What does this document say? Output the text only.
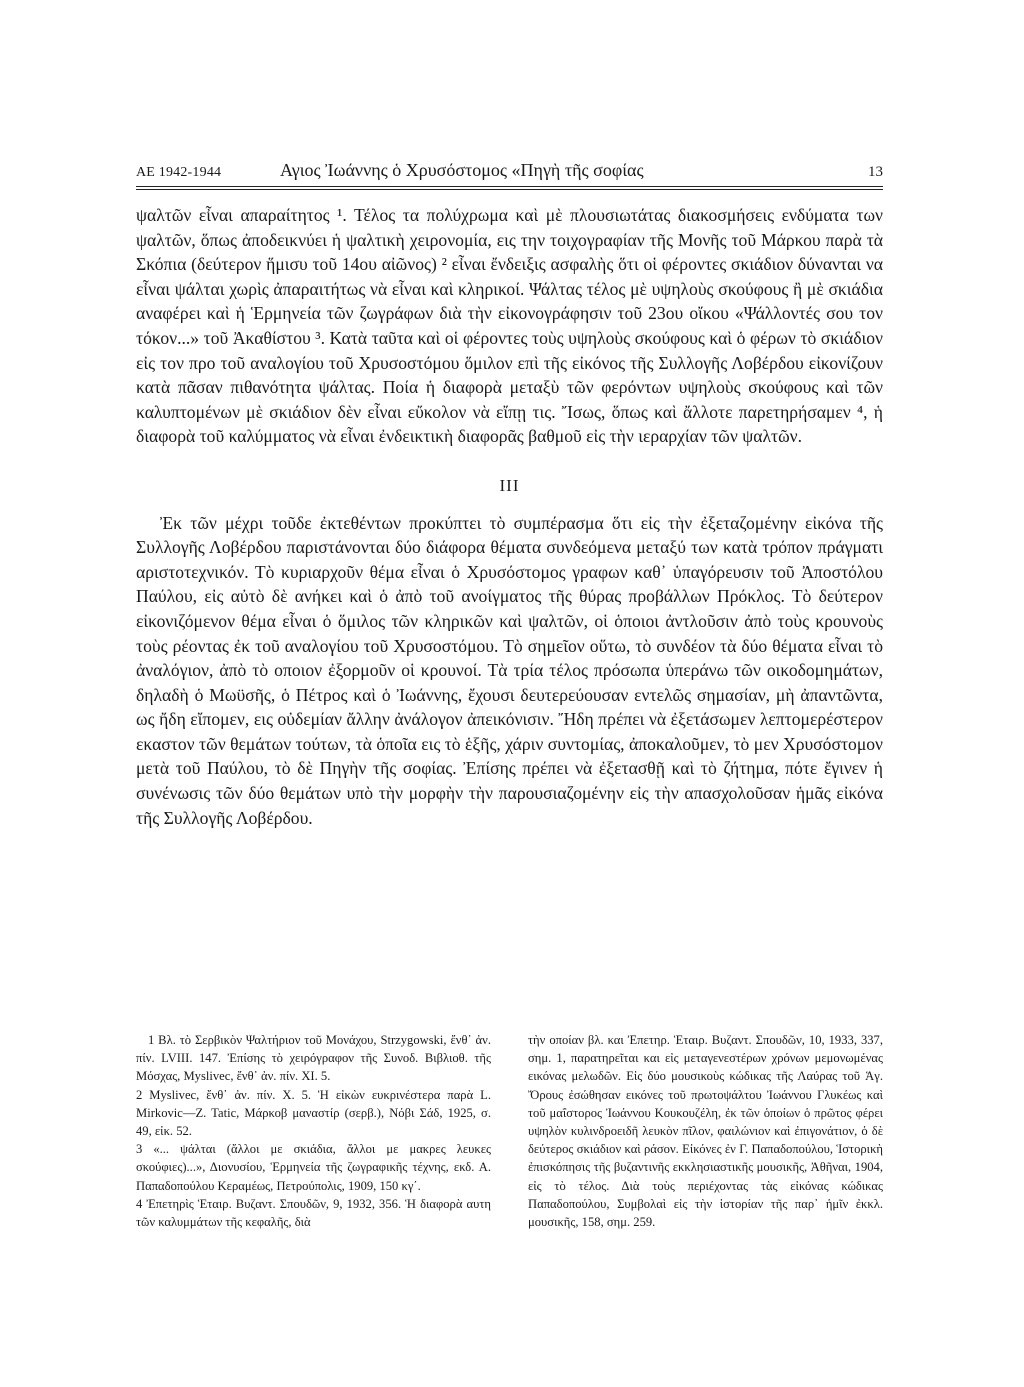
ΑΕ 1942-1944	Αγιος Ἰωάννης ὁ Χρυσόστομος «Πηγὴ τῆς σοφίας	13

ψαλτῶν εἶναι απαραίτητος ¹. Τέλος τα πολύχρωμα καὶ μὲ πλουσιωτάτας διακοσμήσεις ενδύματα των ψαλτῶν, ὅπως ἀποδεικνύει ἡ ψαλτικὴ χειρονομία, εις την τοιχογραφίαν τῆς Μονῆς τοῦ Μάρκου παρὰ τὰ Σκόπια (δεύτερον ἥμισυ τοῦ 14ου αἰῶνος) ² εἶναι ἔνδειξις ασφαλὴς ὅτι οἱ φέροντες σκιάδιον δύνανται να εἶναι ψάλται χωρὶς ἀπαραιτήτως νὰ εἶναι καὶ κληρικοί. Ψάλτας τέλος μὲ υψηλοὺς σκούφους ἢ μὲ σκιάδια αναφέρει καὶ ἡ Ἑρμηνεία τῶν ζωγράφων διὰ τὴν εἰκονογράφησιν τοῦ 23ου οἴκου «Ψάλλοντές σου τον τόκον...» τοῦ Ἀκαθίστου ³. Κατὰ ταῦτα καὶ οἱ φέροντες τοὺς υψηλοὺς σκούφους καὶ ὁ φέρων τὸ σκιάδιον εἰς τον προ τοῦ αναλογίου τοῦ Χρυσοστόμου ὅμιλον επὶ τῆς εἰκόνος τῆς Συλλογῆς Λοβέρδου εἰκονίζουν κατὰ πᾶσαν πιθανότητα ψάλτας. Ποία ἡ διαφορὰ μεταξὺ τῶν φερόντων υψηλοὺς σκούφους καὶ τῶν καλυπτομένων μὲ σκιάδιον δὲν εἶναι εὔκολον νὰ εἴπῃ τις. Ἴσως, ὅπως καὶ ἄλλοτε παρετηρήσαμεν ⁴, ἡ διαφορὰ τοῦ καλύμματος νὰ εἶναι ἐνδεικτικὴ διαφορᾶς βαθμοῦ εἰς τὴν ιεραρχίαν τῶν ψαλτῶν.

III

Ἐκ τῶν μέχρι τοῦδε ἐκτεθέντων προκύπτει τὸ συμπέρασμα ὅτι εἰς τὴν ἐξεταζομένην εἰκόνα τῆς Συλλογῆς Λοβέρδου παριστάνονται δύο διάφορα θέματα συνδεόμενα μεταξύ των κατὰ τρόπον πράγματι αριστοτεχνικόν. Τὸ κυριαρχοῦν θέμα εἶναι ὁ Χρυσόστομος γραφων καθ᾽ ὑπαγόρευσιν τοῦ Ἀποστόλου Παύλου, εἰς αὐτὸ δὲ ανήκει καὶ ὁ ἀπὸ τοῦ ανοίγματος τῆς θύρας προβάλλων Πρόκλος. Τὸ δεύτερον εἰκονιζόμενον θέμα εἶναι ὁ ὅμιλος τῶν κληρικῶν καὶ ψαλτῶν, οἱ ὁποιοι ἀντλοῦσιν ἀπὸ τοὺς κρουνοὺς τοὺς ρέοντας ἐκ τοῦ αναλογίου τοῦ Χρυσοστόμου. Τὸ σημεῖον οὕτω, τὸ συνδέον τὰ δύο θέματα εἶναι τὸ ἀναλόγιον, ἀπὸ τὸ οποιον ἐξορμοῦν οἱ κρουνοί. Τὰ τρία τέλος πρόσωπα ὑπεράνω τῶν οικοδομημάτων, δηλαδὴ ὁ Μωϋσῆς, ὁ Πέτρος καὶ ὁ Ἰωάννης, ἔχουσι δευτερεύουσαν εντελῶς σημασίαν, μὴ ἀπαντῶντα, ως ἤδη εἴπομεν, εις οὐδεμίαν ἄλλην ἀνάλογον ἀπεικόνισιν. Ἤδη πρέπει νὰ ἐξετάσωμεν λεπτομερέστερον εκαστον τῶν θεμάτων τούτων, τὰ ὁποῖα εις τὸ ἑξῆς, χάριν συντομίας, ἀποκαλοῦμεν, τὸ μεν Χρυσόστομον μετὰ τοῦ Παύλου, τὸ δὲ Πηγὴν τῆς σοφίας. Ἐπίσης πρέπει νὰ ἐξετασθῇ καὶ τὸ ζήτημα, πότε ἔγινεν ἡ συνένωσις τῶν δύο θεμάτων υπὸ τὴν μορφὴν τὴν παρουσιαζομένην εἰς τὴν απασχολοῦσαν ἡμᾶς εἰκόνα τῆς Συλλογῆς Λοβέρδου.

1 Βλ. τὸ Σερβικὸν Ψαλτήριον τοῦ Μονάχου, Strzygowski, ἔνθ᾽ ἀν. πίν. LVIII. 147. Ἐπίσης τὸ χειρόγραφον τῆς Συνοδ. Βιβλιοθ. τῆς Μόσχας, Myslivec, ἔνθ᾽ ἀν. πίν. XI. 5.

2 Myslivec, ἔνθ᾽ ἀν. πίν. X. 5. Ἡ εἰκὼν ευκρινέστερα παρὰ L. Mirkovic—Z. Tatic, Μάρκοβ μαναστίρ (σερβ.), Νόβι Σάδ, 1925, σ. 49, εἰκ. 52.

3 «... ψάλται (ἄλλοι με σκιάδια, ἄλλοι με μακρες λευκες σκούφιες)...», Διονυσίου, Ἑρμηνεία τῆς ζωγραφικῆς τέχνης, εκδ. Α. Παπαδοπούλου Κεραμέως, Πετρούπολις, 1909, 150 κγ΄.

4 Ἐπετηρὶς Ἑταιρ. Βυζαντ. Σπουδῶν, 9, 1932, 356. Ἡ διαφορὰ αυτη τῶν καλυμμάτων τῆς κεφαλῆς, διὰ

τὴν οποίαν βλ. και Ἐπετηρ. Ἑταιρ. Βυζαντ. Σπουδῶν, 10, 1933, 337, σημ. 1, παρατηρεῖται και εἰς μεταγενεστέρων χρόνων μεμονωμένας εικόνας μελωδῶν. Εἰς δύο μουσικοὺς κώδικας τῆς Λαύρας τοῦ Ἁγ. Ὄρους ἐσώθησαν εικόνες τοῦ πρωτοψάλτου Ἰωάννου Γλυκέως καὶ τοῦ μαΐστορος Ἰωάννου Κουκουζέλη, ἐκ τῶν ὁποίων ὁ πρῶτος φέρει υψηλὸν κυλινδροειδῆ λευκὸν πῖλον, φαιλώνιον καὶ ἐπιγονάτιον, ὁ δὲ δεύτερος σκιάδιον καὶ ράσον. Εἰκόνες ἐν Γ. Παπαδοπούλου, Ἱστορικὴ ἐπισκόπησις τῆς βυζαντινῆς εκκλησιαστικῆς μουσικῆς, Ἀθῆναι, 1904, εἰς τὸ τέλος. Διὰ τοὺς περιέχοντας τὰς εἰκόνας κώδικας Παπαδοπούλου, Συμβολαὶ εἰς τὴν ἱστορίαν τῆς παρ᾽ ἡμῖν ἐκκλ. μουσικῆς, 158, σημ. 259.
